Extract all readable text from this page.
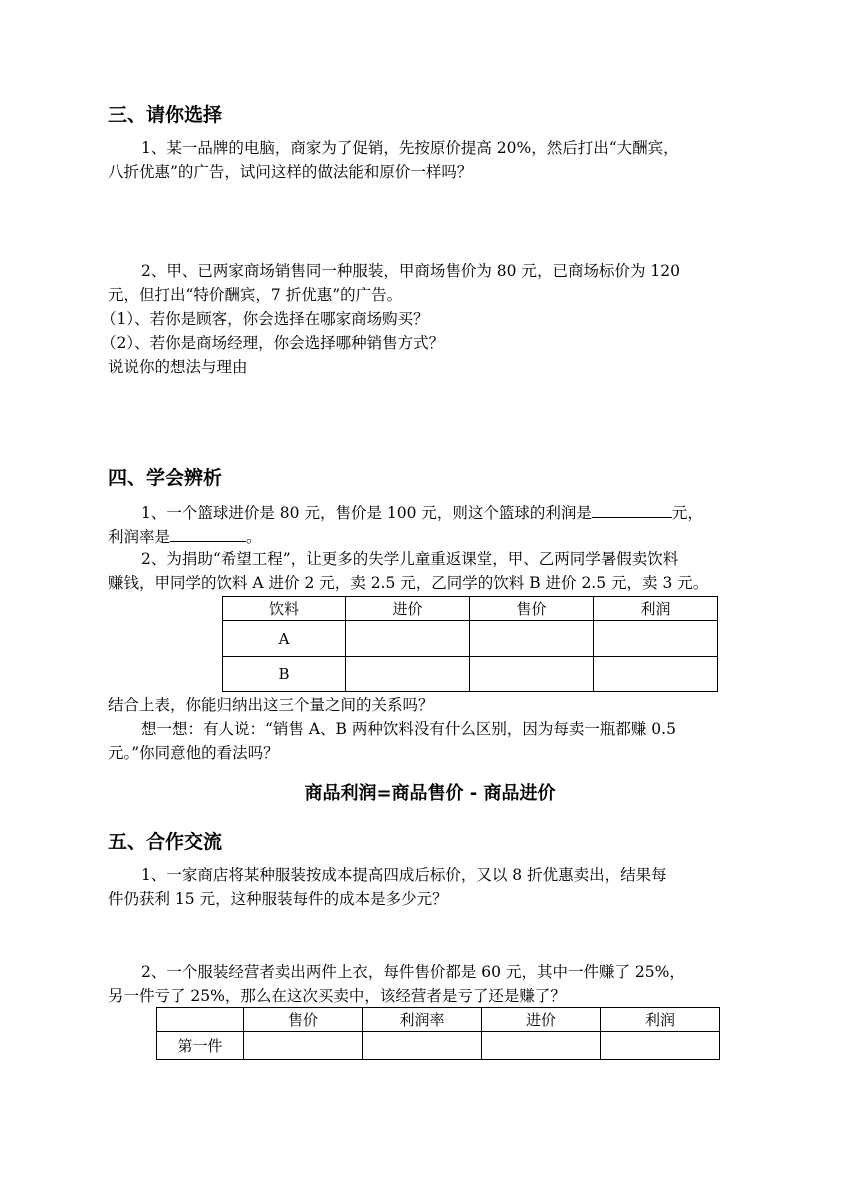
三、请你选择
1、某一品牌的电脑，商家为了促销，先按原价提高 20%，然后打出“大酬宾，
八折优惠”的广告，试问这样的做法能和原价一样吗？
2、甲、已两家商场销售同一种服装，甲商场售价为 80 元，已商场标价为 120
元，但打出“特价酬宾，7 折优惠”的广告。
（1）、若你是顾客，你会选择在哪家商场购买？
（2）、若你是商场经理，你会选择哪种销售方式？
说说你的想法与理由
四、学会辨析
1、一个篮球进价是 80 元，售价是 100 元，则这个篮球的利润是	元，
利润率是	。
2、为捐助“希望工程”，让更多的失学儿童重返课堂，甲、乙两同学暑假卖饮料
赚钱，甲同学的饮料 A 进价 2 元，卖 2.5 元，乙同学的饮料 B 进价 2.5 元，卖 3 元。
饮料	进价	售价	利润
A			
B			
结合上表，你能归纳出这三个量之间的关系吗？
想一想：有人说：“销售 A、B 两种饮料没有什么区别，因为每卖一瓶都赚 0.5
元。”你同意他的看法吗？
商品利润=商品售价 - 商品进价
五、合作交流
1、一家商店将某种服装按成本提高四成后标价，又以 8 折优惠卖出，结果每
件仍获利 15 元，这种服装每件的成本是多少元？
2、一个服装经营者卖出两件上衣，每件售价都是 60 元，其中一件赚了 25%，
另一件亏了 25%，那么在这次买卖中，该经营者是亏了还是赚了？
	售价	利润率	进价	利润
第一件				
